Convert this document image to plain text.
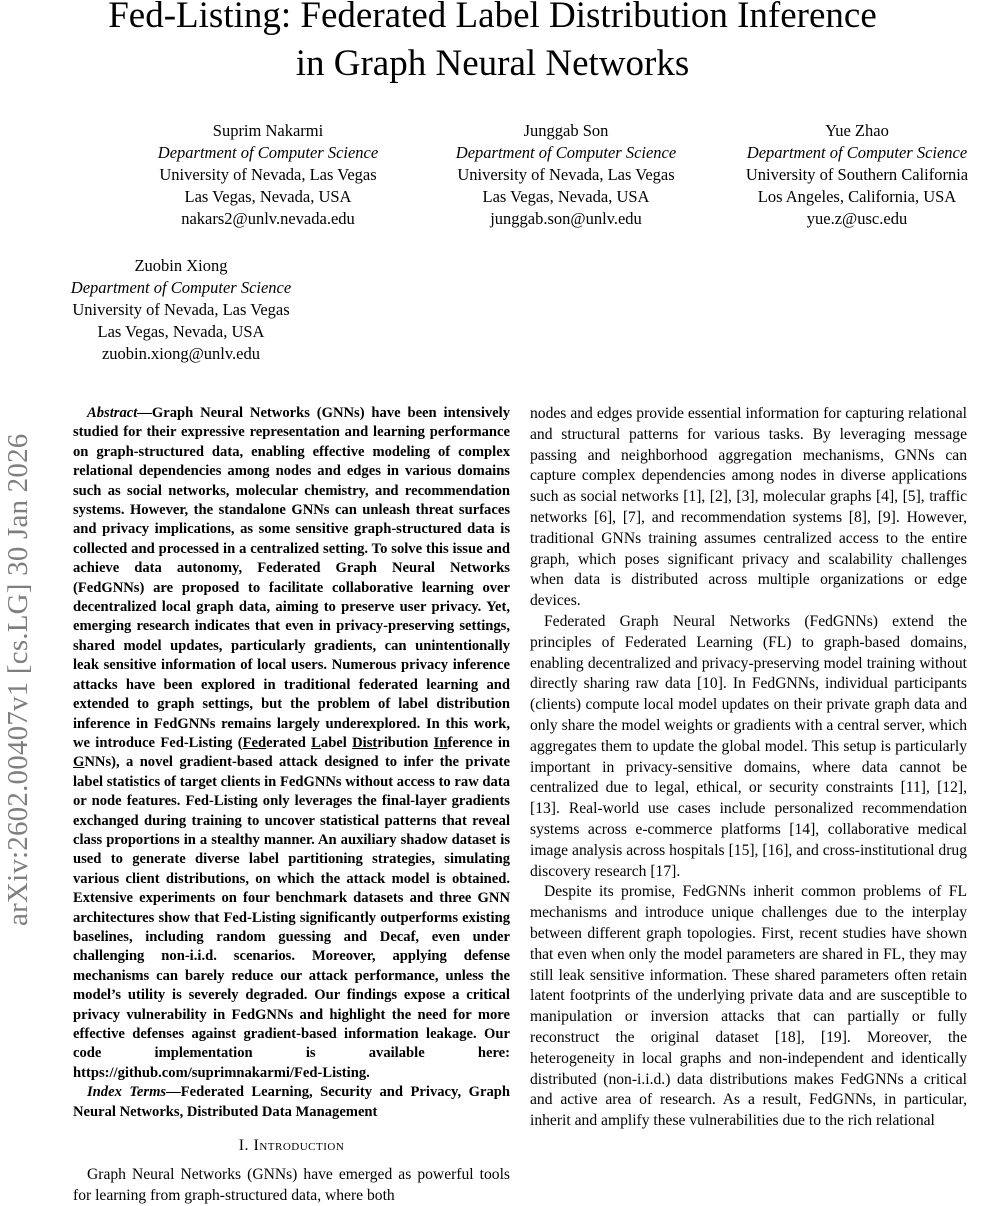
Fed-Listing: Federated Label Distribution Inference
in Graph Neural Networks
Suprim Nakarmi
Department of Computer Science
University of Nevada, Las Vegas
Las Vegas, Nevada, USA
nakars2@unlv.nevada.edu
Junggab Son
Department of Computer Science
University of Nevada, Las Vegas
Las Vegas, Nevada, USA
junggab.son@unlv.edu
Yue Zhao
Department of Computer Science
University of Southern California
Los Angeles, California, USA
yue.z@usc.edu
Zuobin Xiong
Department of Computer Science
University of Nevada, Las Vegas
Las Vegas, Nevada, USA
zuobin.xiong@unlv.edu
arXiv:2602.00407v1 [cs.LG] 30 Jan 2026

Abstract—Graph Neural Networks (GNNs) have been intensively studied for their expressive representation and learning performance on graph-structured data, enabling effective modeling of complex relational dependencies among nodes and edges in various domains such as social networks, molecular chemistry, and recommendation systems. However, the standalone GNNs can unleash threat surfaces and privacy implications, as some sensitive graph-structured data is collected and processed in a centralized setting. To solve this issue and achieve data autonomy, Federated Graph Neural Networks (FedGNNs) are proposed to facilitate collaborative learning over decentralized local graph data, aiming to preserve user privacy. Yet, emerging research indicates that even in privacy-preserving settings, shared model updates, particularly gradients, can unintentionally leak sensitive information of local users. Numerous privacy inference attacks have been explored in traditional federated learning and extended to graph settings, but the problem of label distribution inference in FedGNNs remains largely underexplored. In this work, we introduce Fed-Listing (Federated Label Distribution Inference in GNNs), a novel gradient-based attack designed to infer the private label statistics of target clients in FedGNNs without access to raw data or node features. Fed-Listing only leverages the final-layer gradients exchanged during training to uncover statistical patterns that reveal class proportions in a stealthy manner. An auxiliary shadow dataset is used to generate diverse label partitioning strategies, simulating various client distributions, on which the attack model is obtained. Extensive experiments on four benchmark datasets and three GNN architectures show that Fed-Listing significantly outperforms existing baselines, including random guessing and Decaf, even under challenging non-i.i.d. scenarios. Moreover, applying defense mechanisms can barely reduce our attack performance, unless the model’s utility is severely degraded. Our findings expose a critical privacy vulnerability in FedGNNs and highlight the need for more effective defenses against gradient-based information leakage. Our code implementation is available here: https://github.com/suprimnakarmi/Fed-Listing.

Index Terms—Federated Learning, Security and Privacy, Graph Neural Networks, Distributed Data Management

I. Introduction

Graph Neural Networks (GNNs) have emerged as powerful tools for learning from graph-structured data, where both

nodes and edges provide essential information for capturing relational and structural patterns for various tasks. By leveraging message passing and neighborhood aggregation mechanisms, GNNs can capture complex dependencies among nodes in diverse applications such as social networks [1], [2], [3], molecular graphs [4], [5], traffic networks [6], [7], and recommendation systems [8], [9]. However, traditional GNNs training assumes centralized access to the entire graph, which poses significant privacy and scalability challenges when data is distributed across multiple organizations or edge devices.

Federated Graph Neural Networks (FedGNNs) extend the principles of Federated Learning (FL) to graph-based domains, enabling decentralized and privacy-preserving model training without directly sharing raw data [10]. In FedGNNs, individual participants (clients) compute local model updates on their private graph data and only share the model weights or gradients with a central server, which aggregates them to update the global model. This setup is particularly important in privacy-sensitive domains, where data cannot be centralized due to legal, ethical, or security constraints [11], [12], [13]. Real-world use cases include personalized recommendation systems across e-commerce platforms [14], collaborative medical image analysis across hospitals [15], [16], and cross-institutional drug discovery research [17].

Despite its promise, FedGNNs inherit common problems of FL mechanisms and introduce unique challenges due to the interplay between different graph topologies. First, recent studies have shown that even when only the model parameters are shared in FL, they may still leak sensitive information. These shared parameters often retain latent footprints of the underlying private data and are susceptible to manipulation or inversion attacks that can partially or fully reconstruct the original dataset [18], [19]. Moreover, the heterogeneity in local graphs and non-independent and identically distributed (non-i.i.d.) data distributions makes FedGNNs a critical and active area of research. As a result, FedGNNs, in particular, inherit and amplify these vulnerabilities due to the rich relational
